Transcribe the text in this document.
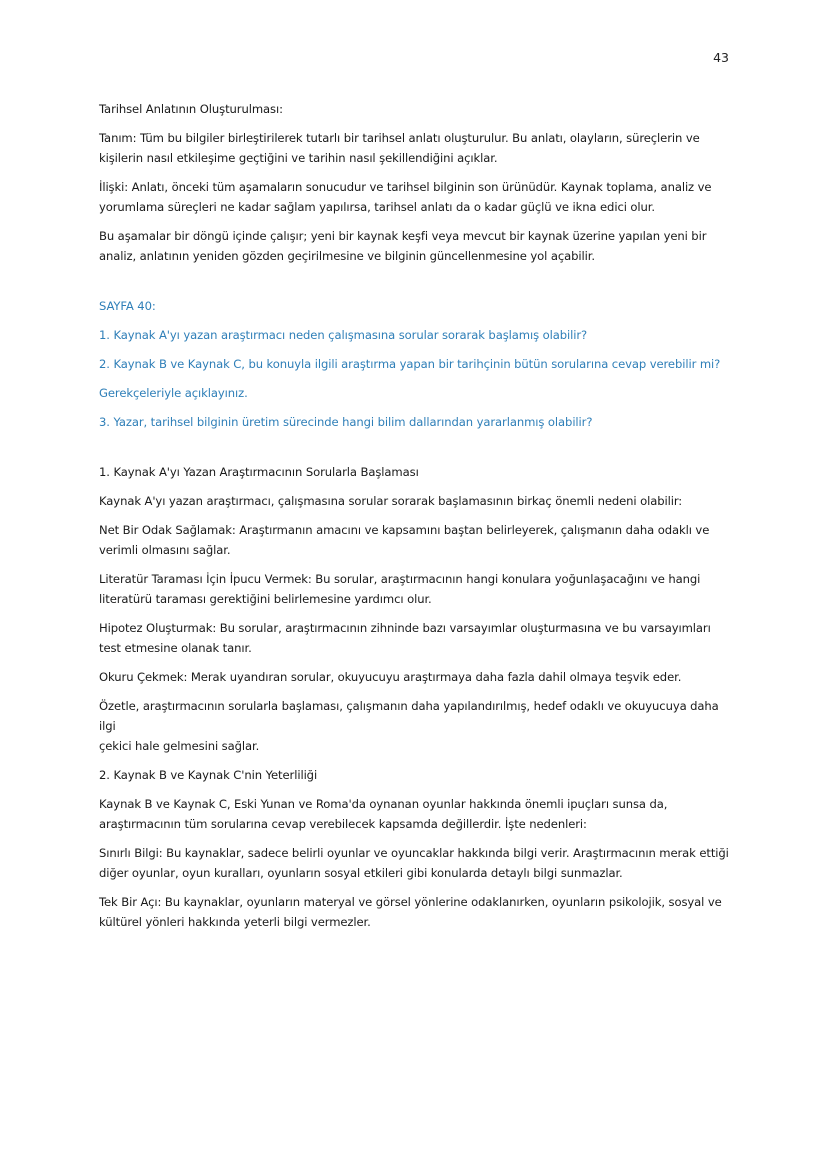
43

Tarihsel Anlatının Oluşturulması:

Tanım: Tüm bu bilgiler birleştirilerek tutarlı bir tarihsel anlatı oluşturulur. Bu anlatı, olayların, süreçlerin ve

kişilerin nasıl etkileşime geçtiğini ve tarihin nasıl şekillendiğini açıklar.

İlişki: Anlatı, önceki tüm aşamaların sonucudur ve tarihsel bilginin son ürünüdür. Kaynak toplama, analiz ve

yorumlama süreçleri ne kadar sağlam yapılırsa, tarihsel anlatı da o kadar güçlü ve ikna edici olur.

Bu aşamalar bir döngü içinde çalışır; yeni bir kaynak keşfi veya mevcut bir kaynak üzerine yapılan yeni bir

analiz, anlatının yeniden gözden geçirilmesine ve bilginin güncellenmesine yol açabilir.

SAYFA 40:

1. Kaynak A'yı yazan araştırmacı neden çalışmasına sorular sorarak başlamış olabilir?

2. Kaynak B ve Kaynak C, bu konuyla ilgili araştırma yapan bir tarihçinin bütün sorularına cevap verebilir mi?

Gerekçeleriyle açıklayınız.

3. Yazar, tarihsel bilginin üretim sürecinde hangi bilim dallarından yararlanmış olabilir?

1. Kaynak A'yı Yazan Araştırmacının Sorularla Başlaması

Kaynak A'yı yazan araştırmacı, çalışmasına sorular sorarak başlamasının birkaç önemli nedeni olabilir:

Net Bir Odak Sağlamak: Araştırmanın amacını ve kapsamını baştan belirleyerek, çalışmanın daha odaklı ve

verimli olmasını sağlar.

Literatür Taraması İçin İpucu Vermek: Bu sorular, araştırmacının hangi konulara yoğunlaşacağını ve hangi

literatürü taraması gerektiğini belirlemesine yardımcı olur.

Hipotez Oluşturmak: Bu sorular, araştırmacının zihninde bazı varsayımlar oluşturmasına ve bu varsayımları

test etmesine olanak tanır.

Okuru Çekmek: Merak uyandıran sorular, okuyucuyu araştırmaya daha fazla dahil olmaya teşvik eder.

Özetle, araştırmacının sorularla başlaması, çalışmanın daha yapılandırılmış, hedef odaklı ve okuyucuya daha ilgi

çekici hale gelmesini sağlar.

2. Kaynak B ve Kaynak C'nin Yeterliliği

Kaynak B ve Kaynak C, Eski Yunan ve Roma'da oynanan oyunlar hakkında önemli ipuçları sunsa da,

araştırmacının tüm sorularına cevap verebilecek kapsamda değillerdir. İşte nedenleri:

Sınırlı Bilgi: Bu kaynaklar, sadece belirli oyunlar ve oyuncaklar hakkında bilgi verir. Araştırmacının merak ettiği

diğer oyunlar, oyun kuralları, oyunların sosyal etkileri gibi konularda detaylı bilgi sunmazlar.

Tek Bir Açı: Bu kaynaklar, oyunların materyal ve görsel yönlerine odaklanırken, oyunların psikolojik, sosyal ve

kültürel yönleri hakkında yeterli bilgi vermezler.
